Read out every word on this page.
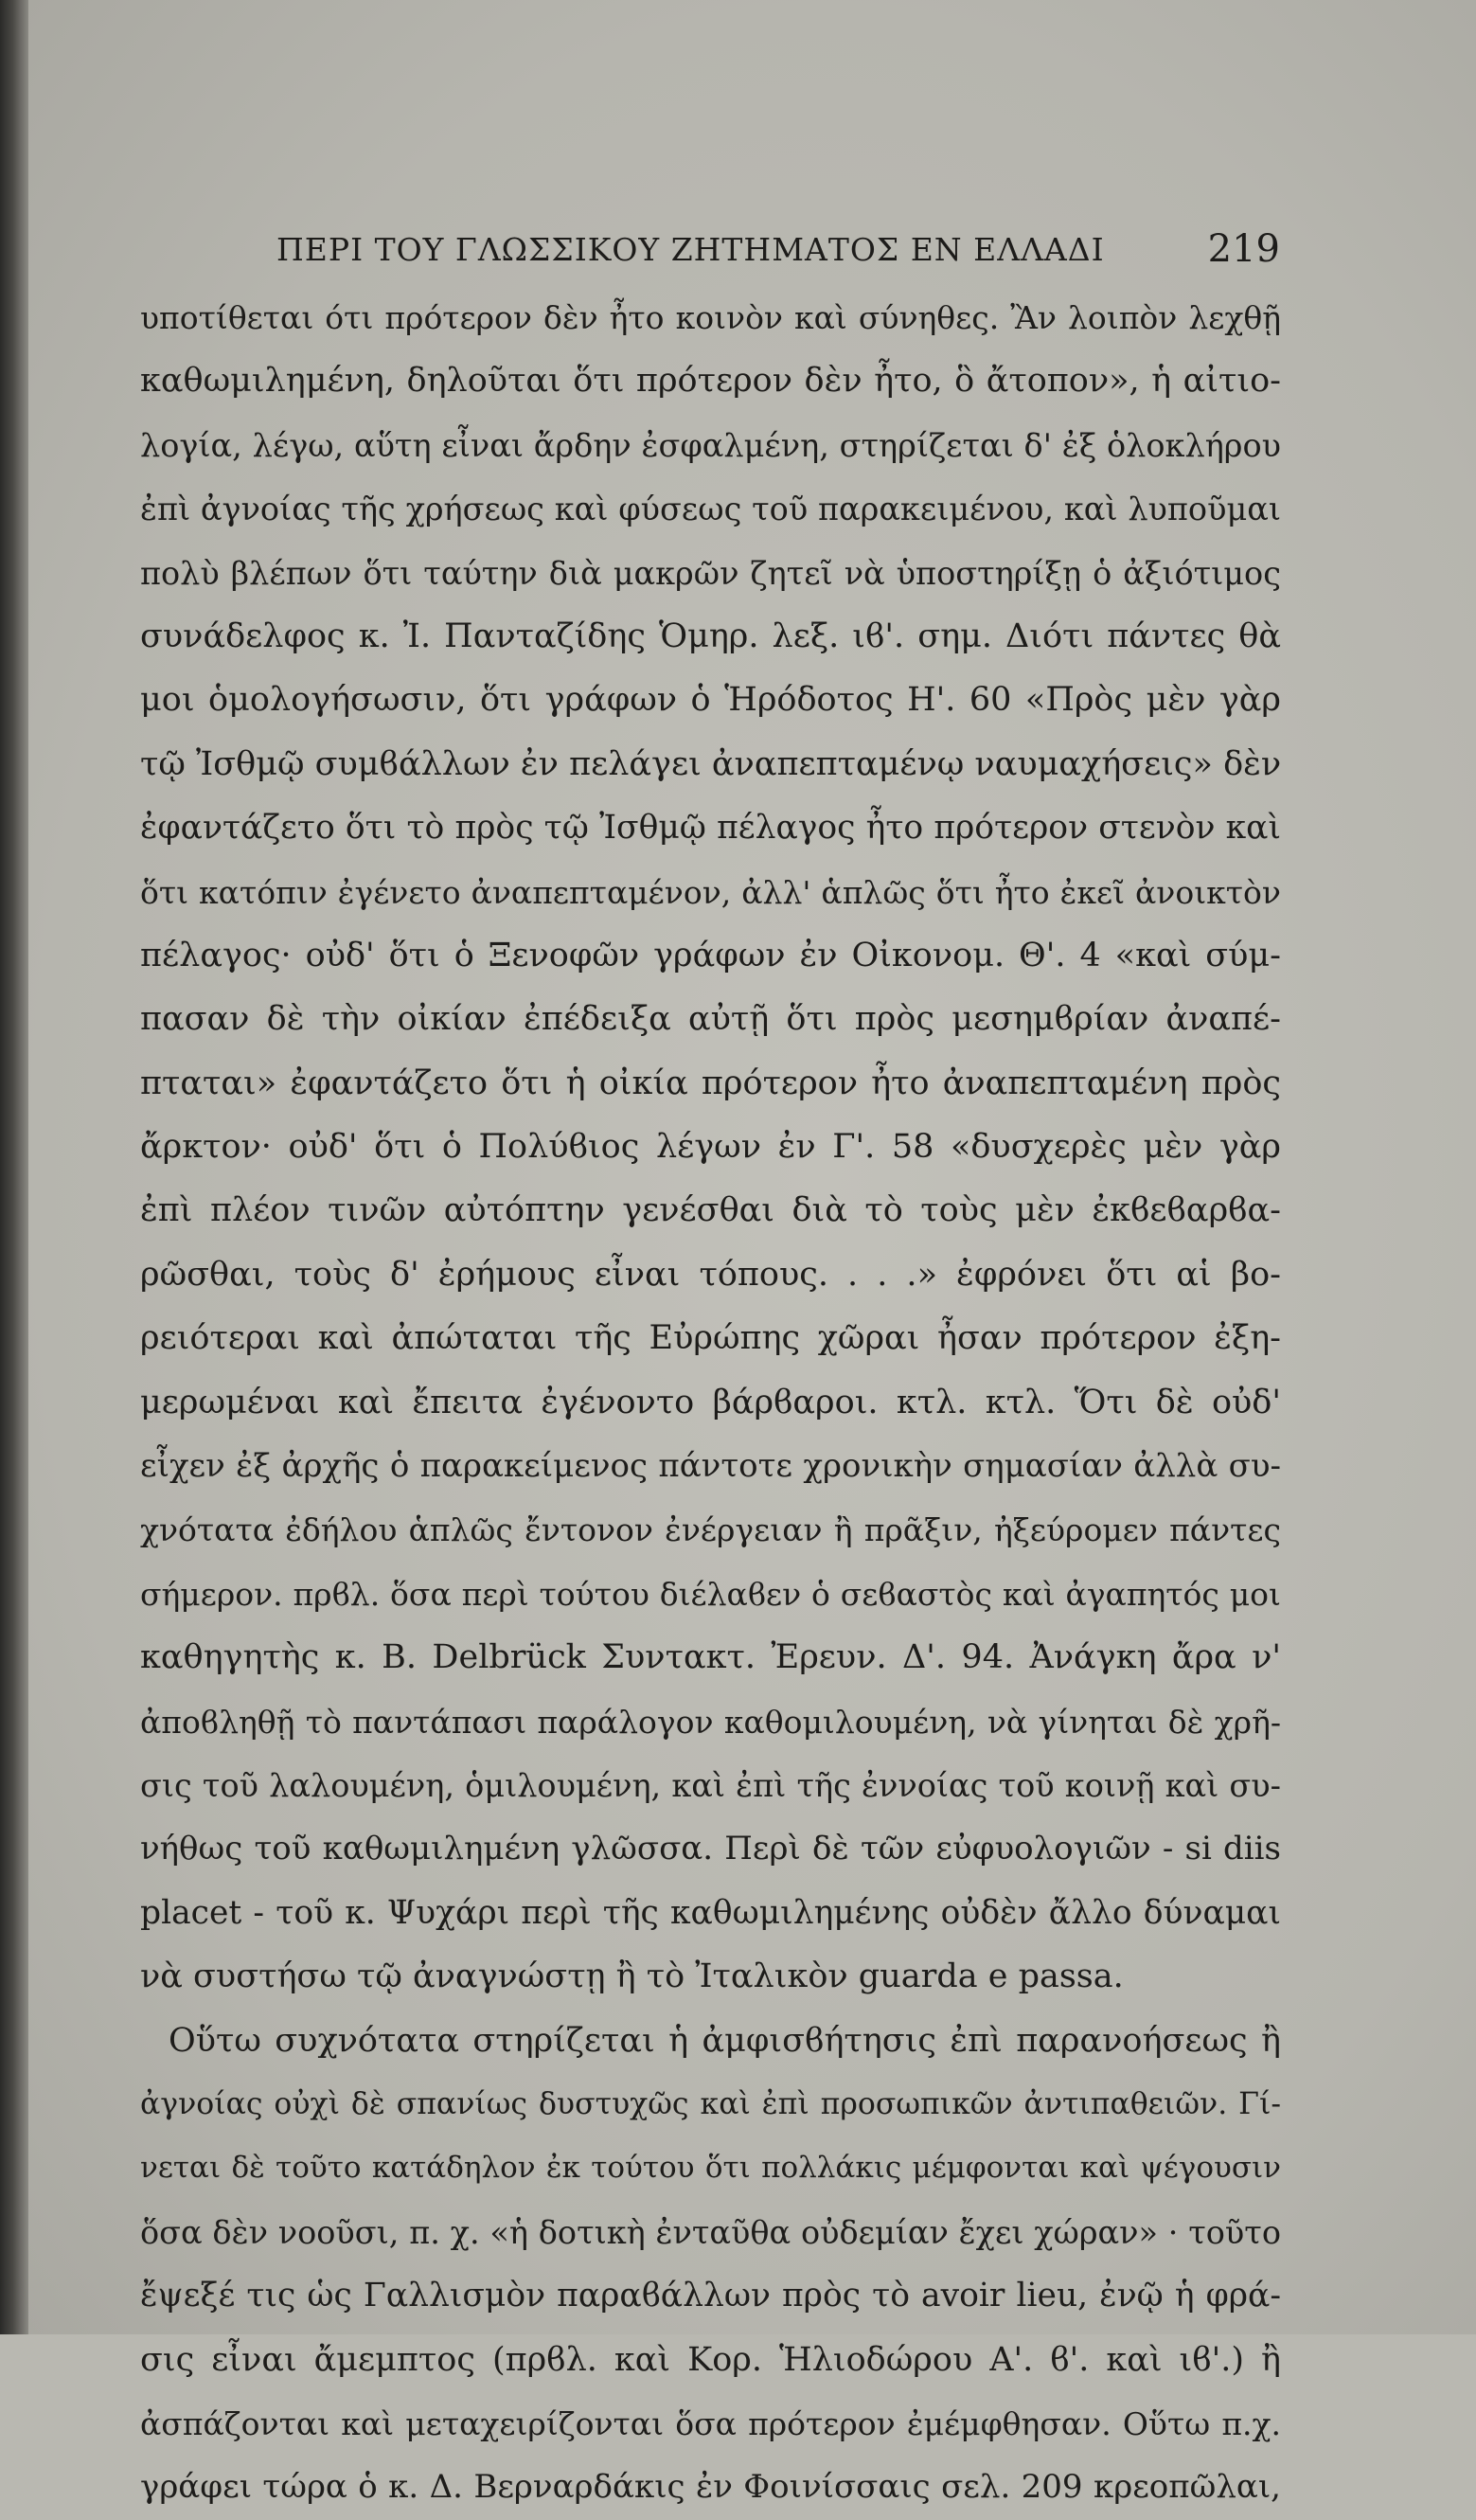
ΠΕΡΙ ΤΟΥ ΓΛΩΣΣΙΚΟΥ ΖΗΤΗΜΑΤΟΣ ΕΝ ΕΛΛΑΔΙ	219
υποτίθεται ότι πρότερον δὲν ἦτο κοινὸν καὶ σύνηθες. Ἂν λοιπὸν λεχθῇ
καθωμιλημένη, δηλοῦται ὅτι πρότερον δὲν ἦτο, ὃ ἄτοπον», ἡ αἰτιο-
λογία, λέγω, αὕτη εἶναι ἄρδην ἐσφαλμένη, στηρίζεται δ' ἐξ ὁλοκλήρου
ἐπὶ ἀγνοίας τῆς χρήσεως καὶ φύσεως τοῦ παρακειμένου, καὶ λυποῦμαι
πολὺ βλέπων ὅτι ταύτην διὰ μακρῶν ζητεῖ νὰ ὑποστηρίξῃ ὁ ἀξιότιμος
συνάδελφος κ. Ἰ. Πανταζίδης Ὁμηρ. λεξ. ιϐ'. σημ. Διότι πάντες θὰ
μοι ὁμολογήσωσιν, ὅτι γράφων ὁ Ἡρόδοτος Η'. 60 «Πρὸς μὲν γὰρ
τῷ Ἰσθμῷ συμϐάλλων ἐν πελάγει ἀναπεπταμένῳ ναυμαχήσεις» δὲν
ἐφαντάζετο ὅτι τὸ πρὸς τῷ Ἰσθμῷ πέλαγος ἦτο πρότερον στενὸν καὶ
ὅτι κατόπιν ἐγένετο ἀναπεπταμένον, ἀλλ' ἁπλῶς ὅτι ἦτο ἐκεῖ ἀνοικτὸν
πέλαγος· οὐδ' ὅτι ὁ Ξενοφῶν γράφων ἐν Οἰκονομ. Θ'. 4 «καὶ σύμ-
πασαν δὲ τὴν οἰκίαν ἐπέδειξα αὐτῇ ὅτι πρὸς μεσημϐρίαν ἀναπέ-
πταται» ἐφαντάζετο ὅτι ἡ οἰκία πρότερον ἦτο ἀναπεπταμένη πρὸς
ἄρκτον· οὐδ' ὅτι ὁ Πολύϐιος λέγων ἐν Γ'. 58 «δυσχερὲς μὲν γὰρ
ἐπὶ πλέον τινῶν αὐτόπτην γενέσθαι διὰ τὸ τοὺς μὲν ἐκϐεϐαρϐα-
ρῶσθαι, τοὺς δ' ἐρήμους εἶναι τόπους. . . .» ἐφρόνει ὅτι αἱ βο-
ρειότεραι καὶ ἀπώταται τῆς Εὐρώπης χῶραι ἦσαν πρότερον ἐξη-
μερωμέναι καὶ ἔπειτα ἐγένοντο βάρϐαροι. κτλ. κτλ. Ὅτι δὲ οὐδ'
εἶχεν ἐξ ἀρχῆς ὁ παρακείμενος πάντοτε χρονικὴν σημασίαν ἀλλὰ συ-
χνότατα ἐδήλου ἁπλῶς ἔντονον ἐνέργειαν ἢ πρᾶξιν, ἠξεύρομεν πάντες
σήμερον. πρϐλ. ὅσα περὶ τούτου διέλαϐεν ὁ σεϐαστὸς καὶ ἀγαπητός μοι
καθηγητὴς κ. B. Delbrück Συντακτ. Ἐρευν. Δ'. 94. Ἀνάγκη ἄρα ν'
ἀποϐληθῇ τὸ παντάπασι παράλογον καθομιλουμένη, νὰ γίνηται δὲ χρῆ-
σις τοῦ λαλουμένη, ὁμιλουμένη, καὶ ἐπὶ τῆς ἐννοίας τοῦ κοινῇ καὶ συ-
νήθως τοῦ καθωμιλημένη γλῶσσα. Περὶ δὲ τῶν εὐφυολογιῶν - si diis
placet - τοῦ κ. Ψυχάρι περὶ τῆς καθωμιλημένης οὐδὲν ἄλλο δύναμαι
νὰ συστήσω τῷ ἀναγνώστῃ ἢ τὸ Ἰταλικὸν guarda e passa.
Οὕτω συχνότατα στηρίζεται ἡ ἀμφισϐήτησις ἐπὶ παρανοήσεως ἢ
ἀγνοίας οὐχὶ δὲ σπανίως δυστυχῶς καὶ ἐπὶ προσωπικῶν ἀντιπαθειῶν. Γί-
νεται δὲ τοῦτο κατάδηλον ἐκ τούτου ὅτι πολλάκις μέμφονται καὶ ψέγουσιν
ὅσα δὲν νοοῦσι, π. χ. «ἡ δοτικὴ ἐνταῦθα οὐδεμίαν ἔχει χώραν» · τοῦτο
ἔψεξέ τις ὡς Γαλλισμὸν παραϐάλλων πρὸς τὸ avoir lieu, ἐνῷ ἡ φρά-
σις εἶναι ἄμεμπτος (πρϐλ. καὶ Κορ. Ἡλιοδώρου Α'. ϐ'. καὶ ιϐ'.) ἢ
ἀσπάζονται καὶ μεταχειρίζονται ὅσα πρότερον ἐμέμφθησαν. Οὕτω π.χ.
γράφει τώρα ὁ κ. Δ. Βερναρδάκις ἐν Φοινίσσαις σελ. 209 κρεοπῶλαι,
